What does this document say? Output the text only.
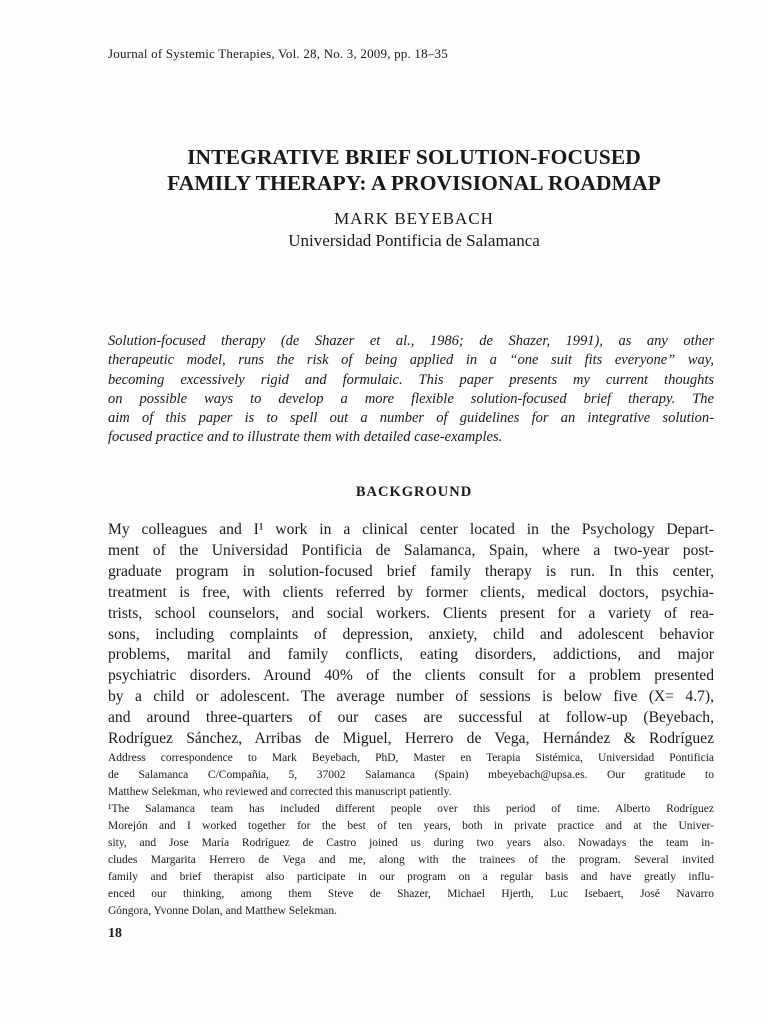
Journal of Systemic Therapies, Vol. 28, No. 3, 2009, pp. 18–35
INTEGRATIVE BRIEF SOLUTION-FOCUSED
FAMILY THERAPY: A PROVISIONAL ROADMAP
MARK BEYEBACH
Universidad Pontificia de Salamanca
Solution-focused therapy (de Shazer et al., 1986; de Shazer, 1991), as any other
therapeutic model, runs the risk of being applied in a “one suit fits everyone” way,
becoming excessively rigid and formulaic. This paper presents my current thoughts
on possible ways to develop a more flexible solution-focused brief therapy. The
aim of this paper is to spell out a number of guidelines for an integrative solution-
focused practice and to illustrate them with detailed case-examples.
BACKGROUND
My colleagues and I¹ work in a clinical center located in the Psychology Depart-
ment of the Universidad Pontificia de Salamanca, Spain, where a two-year post-
graduate program in solution-focused brief family therapy is run. In this center,
treatment is free, with clients referred by former clients, medical doctors, psychia-
trists, school counselors, and social workers. Clients present for a variety of rea-
sons, including complaints of depression, anxiety, child and adolescent behavior
problems, marital and family conflicts, eating disorders, addictions, and major
psychiatric disorders. Around 40% of the clients consult for a problem presented
by a child or adolescent. The average number of sessions is below five (X= 4.7),
and around three-quarters of our cases are successful at follow-up (Beyebach,
Rodríguez Sánchez, Arribas de Miguel, Herrero de Vega, Hernández & Rodríguez
Address correspondence to Mark Beyebach, PhD, Master en Terapia Sistémica, Universidad Pontificia
de Salamanca C/Compañia, 5, 37002 Salamanca (Spain) mbeyebach@upsa.es. Our gratitude to
Matthew Selekman, who reviewed and corrected this manuscript patiently.
¹The Salamanca team has included different people over this period of time. Alberto Rodríguez
Morejón and I worked together for the best of ten years, both in private practice and at the Univer-
sity, and Jose María Rodríguez de Castro joined us during two years also. Nowadays the team in-
cludes Margarita Herrero de Vega and me, along with the trainees of the program. Several invited
family and brief therapist also participate in our program on a regular basis and have greatly influ-
enced our thinking, among them Steve de Shazer, Michael Hjerth, Luc Isebaert, José Navarro
Góngora, Yvonne Dolan, and Matthew Selekman.
18
